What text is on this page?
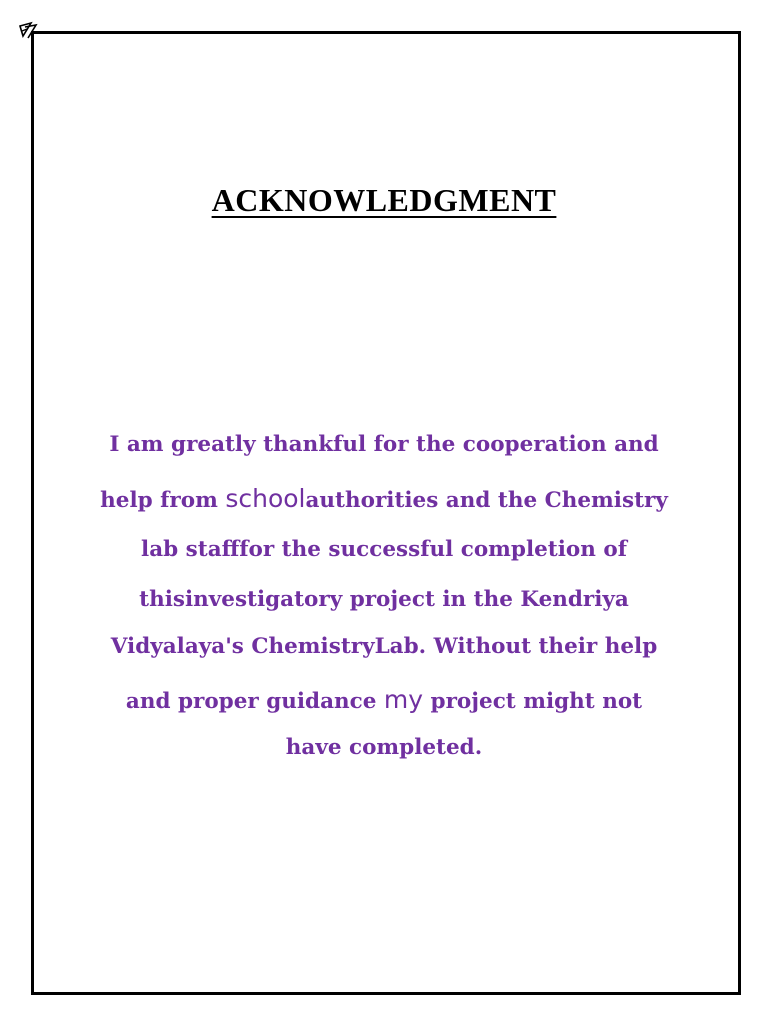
ACKNOWLEDGMENT
I am greatly thankful for the cooperation and
help from schoolauthorities and the Chemistry
lab stafffor the successful completion of
thisinvestigatory project in the Kendriya
Vidyalaya's ChemistryLab. Without their help
and proper guidance my project might not
have completed.
